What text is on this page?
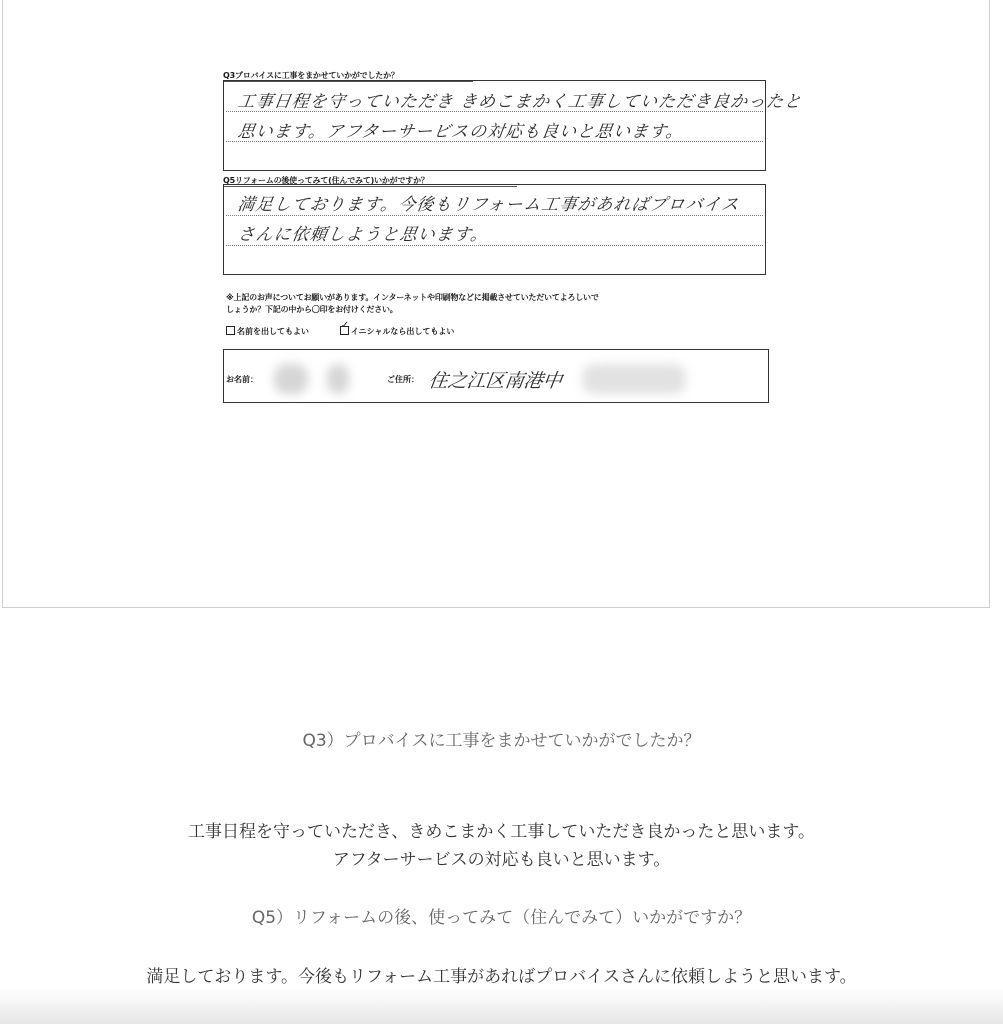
Q3プロバイスに工事をまかせていかがでしたか？
工事日程を守っていただき きめこまかく工事していただき良かったと
思います。アフターサービスの対応も良いと思います。
Q5リフォームの後使ってみて(住んでみて)いかがですか？
満足しております。今後もリフォーム工事があればプロバイス
さんに依頼しようと思います。
※上記のお声についてお願いがあります。インターネットや印刷物などに掲載させていただいてよろしいで
しょうか？下記の中から〇印をお付けください。
名前を出してもよい
✓
イニシャルなら出してもよい
お名前：	ご住所： 住之江区南港中
Q3）プロバイスに工事をまかせていかがでしたか？
工事日程を守っていただき、きめこまかく工事していただき良かったと思います。
アフターサービスの対応も良いと思います。
Q5）リフォームの後、使ってみて（住んでみて）いかがですか？
満足しております。今後もリフォーム工事があればプロバイスさんに依頼しようと思います。
